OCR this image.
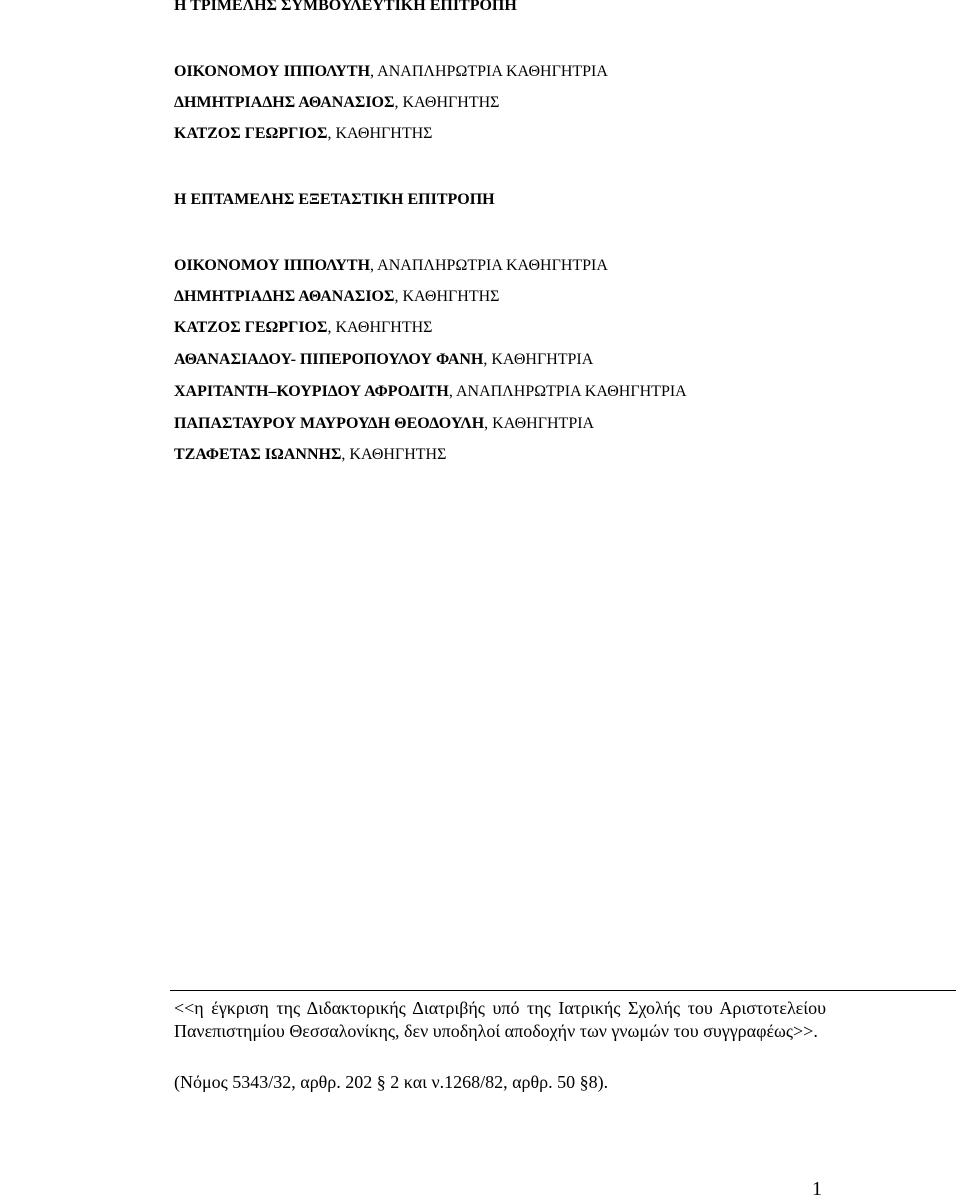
Η ΤΡΙΜΕΛΗΣ ΣΥΜΒΟΥΛΕΥΤΙΚΗ ΕΠΙΤΡΟΠΗ

ΟΙΚΟΝΟΜΟΥ ΙΠΠΟΛΥΤΗ, ΑΝΑΠΛΗΡΩΤΡΙΑ ΚΑΘΗΓΗΤΡΙΑ

ΔΗΜΗΤΡΙΑΔΗΣ ΑΘΑΝΑΣΙΟΣ, ΚΑΘΗΓΗΤΗΣ

ΚΑΤΖΟΣ ΓΕΩΡΓΙΟΣ, ΚΑΘΗΓΗΤΗΣ

Η ΕΠΤΑΜΕΛΗΣ ΕΞΕΤΑΣΤΙΚΗ ΕΠΙΤΡΟΠΗ

ΟΙΚΟΝΟΜΟΥ ΙΠΠΟΛΥΤΗ, ΑΝΑΠΛΗΡΩΤΡΙΑ ΚΑΘΗΓΗΤΡΙΑ

ΔΗΜΗΤΡΙΑΔΗΣ ΑΘΑΝΑΣΙΟΣ, ΚΑΘΗΓΗΤΗΣ

ΚΑΤΖΟΣ ΓΕΩΡΓΙΟΣ, ΚΑΘΗΓΗΤΗΣ

ΑΘΑΝΑΣΙΑΔΟΥ- ΠΙΠΕΡΟΠΟΥΛΟΥ ΦΑΝΗ, ΚΑΘΗΓΗΤΡΙΑ

ΧΑΡΙΤΑΝΤΗ–ΚΟΥΡΙΔΟΥ ΑΦΡΟΔΙΤΗ, ΑΝΑΠΛΗΡΩΤΡΙΑ ΚΑΘΗΓΗΤΡΙΑ

ΠΑΠΑΣΤΑΥΡΟΥ ΜΑΥΡΟΥΔΗ ΘΕΟΔΟΥΛΗ, ΚΑΘΗΓΗΤΡΙΑ

ΤΖΑΦΕΤΑΣ ΙΩΑΝΝΗΣ, ΚΑΘΗΓΗΤΗΣ

<<η έγκριση της Διδακτορικής Διατριβής υπό της Ιατρικής Σχολής του Αριστοτελείου Πανεπιστημίου Θεσσαλονίκης, δεν υποδηλοί αποδοχήν των γνωμών του συγγραφέως>>.

(Νόμος 5343/32, αρθρ. 202 § 2 και ν.1268/82, αρθρ. 50 §8).

1
